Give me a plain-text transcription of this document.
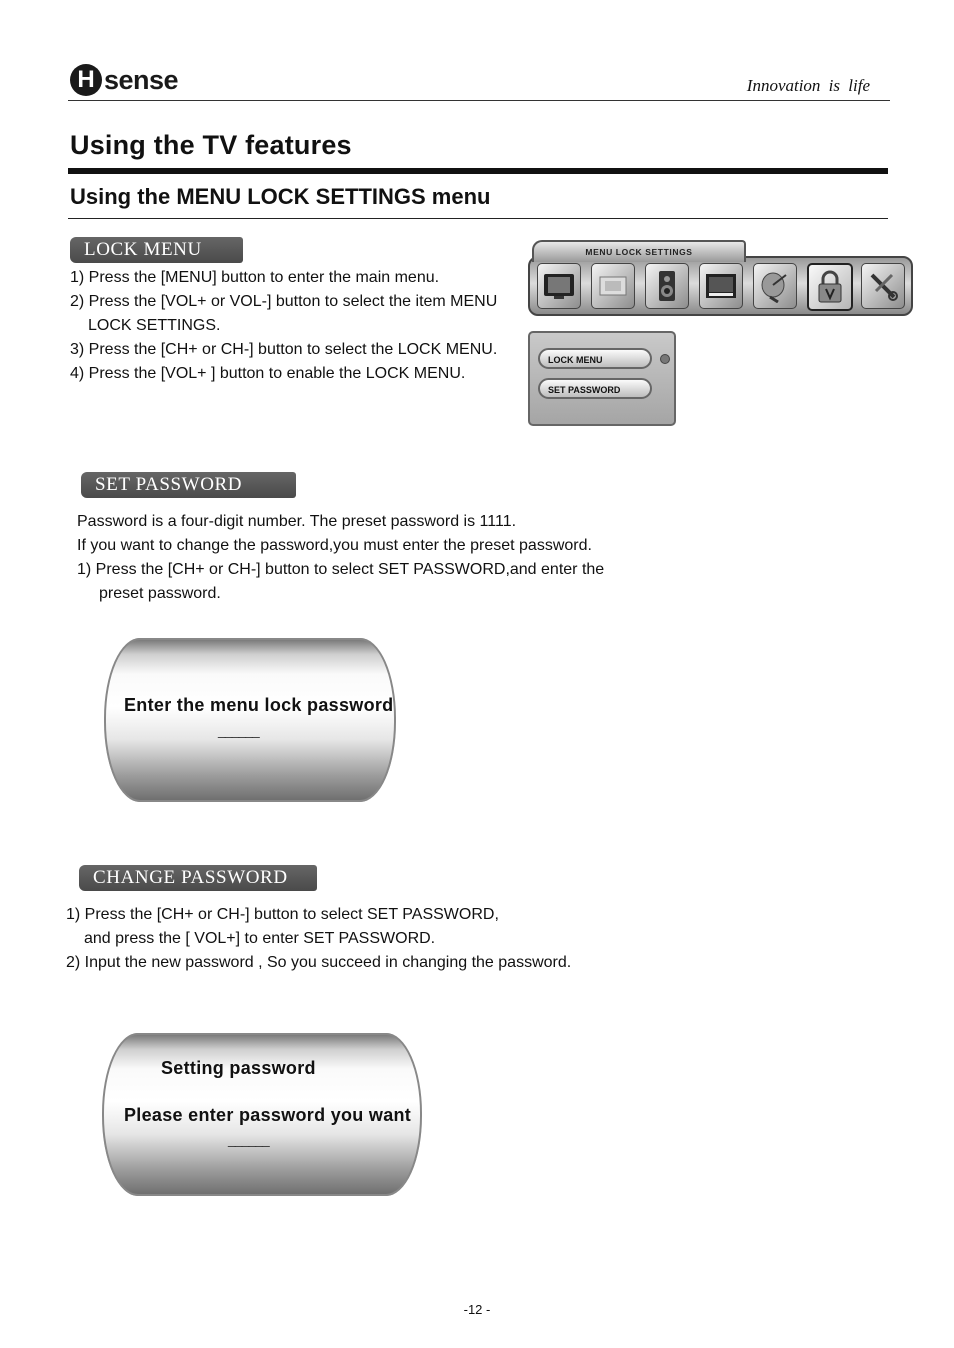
H sense	Innovation is life
Using the TV features
Using the MENU LOCK SETTINGS menu
LOCK MENU
1) Press the [MENU] button to enter the main menu.
2) Press the [VOL+ or VOL-] button to select the item MENU
LOCK SETTINGS.
3) Press the [CH+ or CH-] button to select the LOCK MENU.
4) Press the [VOL+ ] button to enable the LOCK MENU.
MENU LOCK SETTINGS
LOCK MENU
SET PASSWORD
SET PASSWORD
Password is a four-digit number. The preset password is 1111.
If you want to change the password,you must enter the preset password.
1) Press the [CH+ or CH-] button to select SET PASSWORD,and enter the
preset password.
Enter the menu lock password
______
CHANGE PASSWORD
1) Press the [CH+ or CH-] button to select SET PASSWORD,
and press the [ VOL+] to enter SET PASSWORD.
2) Input the new password , So you succeed in changing the password.
Setting password
Please enter password you want
______
-12 -
